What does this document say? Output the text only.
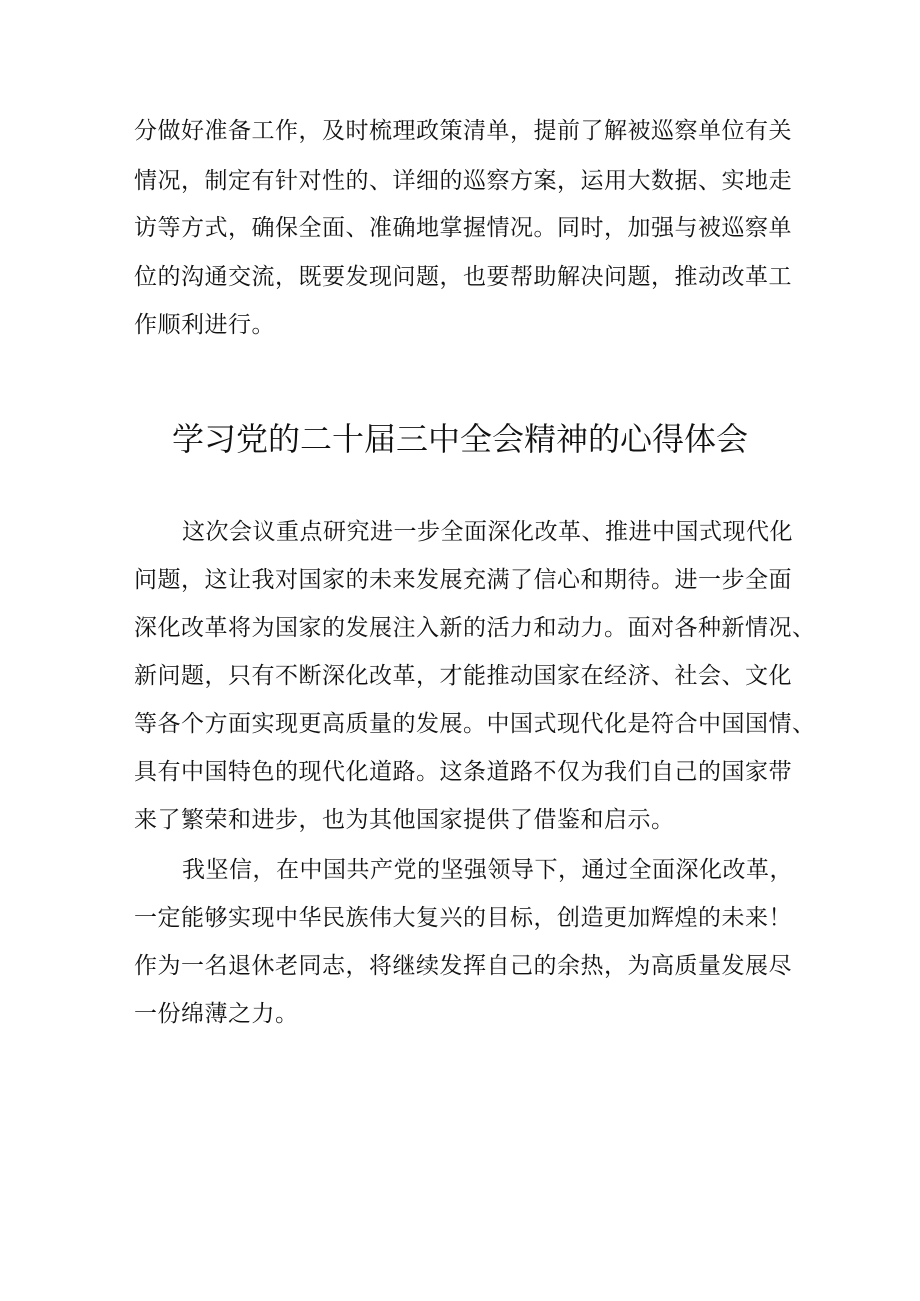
分做好准备工作，及时梳理政策清单，提前了解被巡察单位有关
情况，制定有针对性的、详细的巡察方案，运用大数据、实地走
访等方式，确保全面、准确地掌握情况。同时，加强与被巡察单
位的沟通交流，既要发现问题，也要帮助解决问题，推动改革工
作顺利进行。
学习党的二十届三中全会精神的心得体会
这次会议重点研究进一步全面深化改革、推进中国式现代化
问题，这让我对国家的未来发展充满了信心和期待。进一步全面
深化改革将为国家的发展注入新的活力和动力。面对各种新情况、
新问题，只有不断深化改革，才能推动国家在经济、社会、文化
等各个方面实现更高质量的发展。中国式现代化是符合中国国情、
具有中国特色的现代化道路。这条道路不仅为我们自己的国家带
来了繁荣和进步，也为其他国家提供了借鉴和启示。
我坚信，在中国共产党的坚强领导下，通过全面深化改革，
一定能够实现中华民族伟大复兴的目标，创造更加辉煌的未来！
作为一名退休老同志，将继续发挥自己的余热，为高质量发展尽
一份绵薄之力。
